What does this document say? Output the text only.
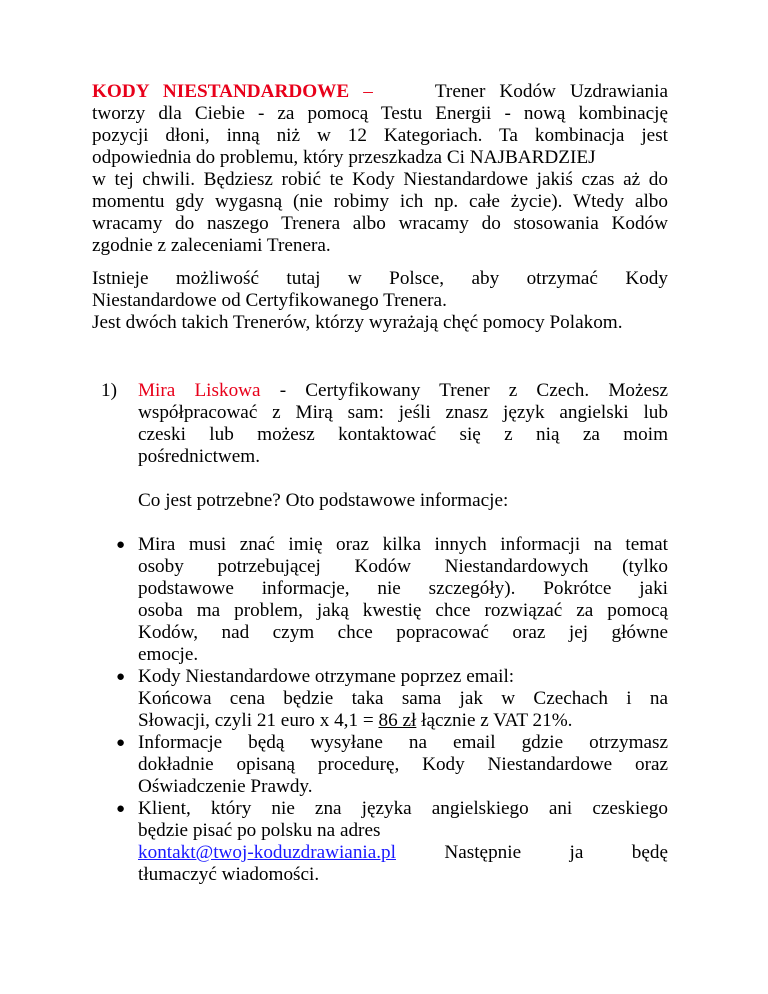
KODY NIESTANDARDOWE –	Trener Kodów Uzdrawiania
tworzy dla Ciebie - za pomocą Testu Energii - nową kombinację
pozycji dłoni, inną niż w 12 Kategoriach. Ta kombinacja jest
odpowiednia do problemu, który przeszkadza Ci NAJBARDZIEJ
w tej chwili. Będziesz robić te Kody Niestandardowe jakiś czas aż do
momentu gdy wygasną (nie robimy ich np. całe życie). Wtedy albo
wracamy do naszego Trenera albo wracamy do stosowania Kodów
zgodnie z zaleceniami Trenera.
Istnieje możliwość tutaj w Polsce, aby otrzymać Kody
Niestandardowe od Certyfikowanego Trenera.
Jest dwóch takich Trenerów, którzy wyrażają chęć pomocy Polakom.
1) Mira Liskowa - Certyfikowany Trener z Czech. Możesz
współpracować z Mirą sam: jeśli znasz język angielski lub
czeski lub możesz kontaktować się z nią za moim
pośrednictwem.

Co jest potrzebne? Oto podstawowe informacje:

● Mira musi znać imię oraz kilka innych informacji na temat
osoby potrzebującej Kodów Niestandardowych (tylko
podstawowe informacje, nie szczegóły). Pokrótce jaki
osoba ma problem, jaką kwestię chce rozwiązać za pomocą
Kodów, nad czym chce popracować oraz jej główne
emocje.
● Kody Niestandardowe otrzymane poprzez email:
Końcowa cena będzie taka sama jak w Czechach i na
Słowacji, czyli 21 euro x 4,1 = 86 zł łącznie z VAT 21%.
● Informacje będą wysyłane na email gdzie otrzymasz
dokładnie opisaną procedurę, Kody Niestandardowe oraz
Oświadczenie Prawdy.
● Klient, który nie zna języka angielskiego ani czeskiego
będzie pisać po polsku na adres
kontakt@twoj-koduzdrawiania.pl	Następnie ja będę
tłumaczyć wiadomości.
